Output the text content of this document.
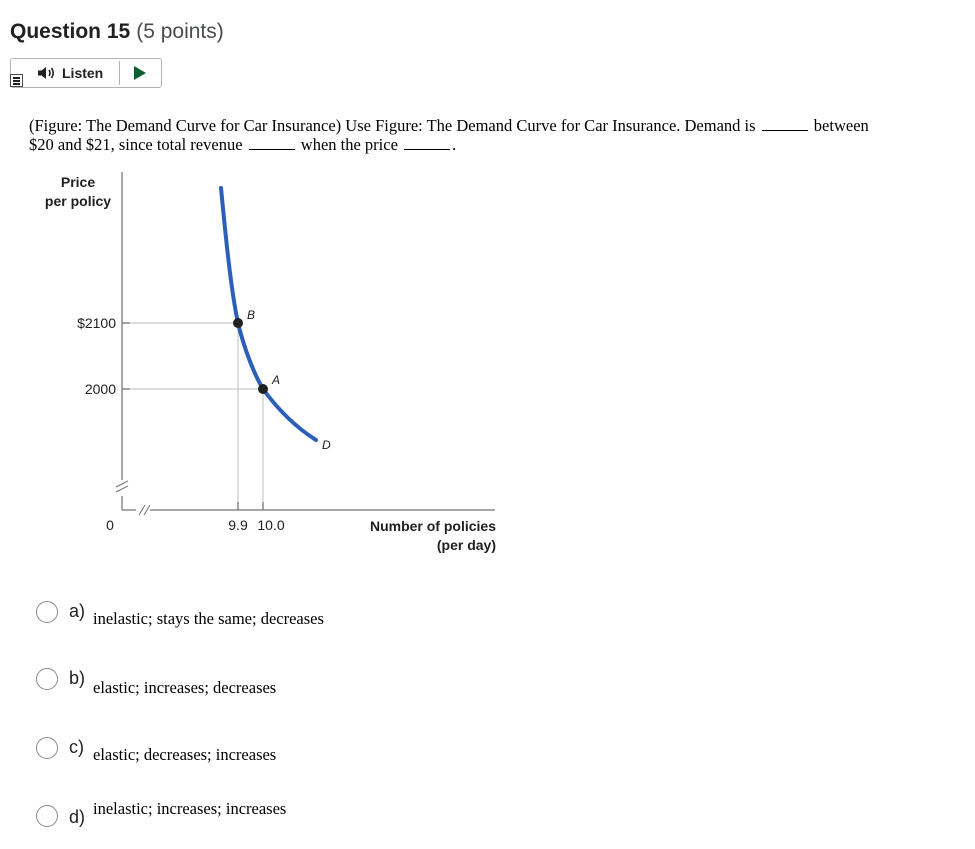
Question 15 (5 points)
Listen
(Figure: The Demand Curve for Car Insurance) Use Figure: The Demand Curve for Car Insurance. Demand is	between $20 and $21, since total revenue	when the price	.
Price
per policy
Number of policies
(per day)
$2100
2000
0	9.9 10.0
B
A
D
a) inelastic; stays the same; decreases
b) elastic; increases; decreases
c) elastic; decreases; increases
d) inelastic; increases; increases
